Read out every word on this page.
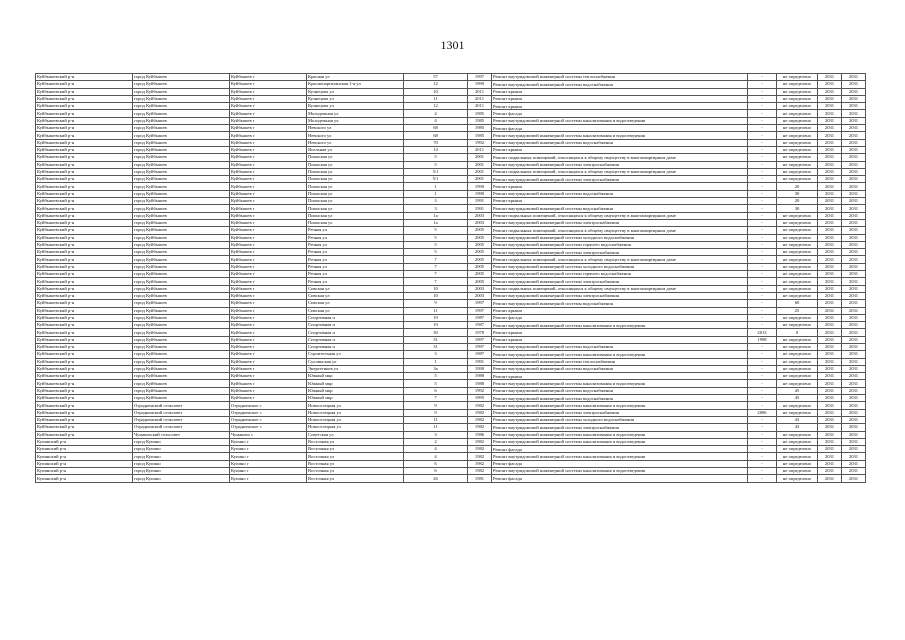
1301
Куйбышевский р-н	город Куйбышев	Куйбышев г	Красная ул	57	1997	Ремонт внутридомовой инженерной системы теплоснабжения	-	не определено	2031	2031
Куйбышевский р-н	город Куйбышев	Куйбышев г	Краснопартизанская 1-я ул	12	1990	Ремонт внутридомовой инженерной системы водоснабжения	-	не определено	2031	2031
Куйбышевский р-н	город Куйбышев	Куйбышев г	Кузнецова ул	10	2011	Ремонт крыши	-	не определено	2031	2031
Куйбышевский р-н	город Куйбышев	Куйбышев г	Кузнецова ул	11	2011	Ремонт крыши	-	не определено	2031	2031
Куйбышевский р-н	город Куйбышев	Куйбышев г	Кузнецова ул	12	2011	Ремонт крыши	-	не определено	2031	2031
Куйбышевский р-н	город Куйбышев	Куйбышев г	Молодежная ул	4	1985	Ремонт фасада	-	не определено	2031	2031
Куйбышевский р-н	город Куйбышев	Куйбышев г	Молодежная ул	4	1985	Ремонт внутридомовой инженерной системы канализования и водоотведения	-	не определено	2031	2031
Куйбышевский р-н	город Куйбышев	Куйбышев г	Невского ул	68	1985	Ремонт фасада	-	не определено	2031	2031
Куйбышевский р-н	город Куйбышев	Куйбышев г	Невского ул	68	1985	Ремонт внутридомовой инженерной системы канализования и водоотведения	-	не определено	2031	2031
Куйбышевский р-н	город Куйбышев	Куйбышев г	Невского ул	70	1992	Ремонт внутридомовой инженерной системы водоснабжения	-	не определено	2031	2031
Куйбышевский р-н	город Куйбышев	Куйбышев г	Ясельная ул	14	2011	Ремонт крыши	-	не определено	2031	2031
Куйбышевский р-н	город Куйбышев	Куйбышев г	Пионская ул	5	2001	Ремонт подвальных помещений, относящихся к общему имуществу в многоквартирном доме	-	не определено	2031	2031
Куйбышевский р-н	город Куйбышев	Куйбышев г	Пионская ул	5	2001	Ремонт внутридомовой инженерной системы электроснабжения	-	не определено	2031	2031
Куйбышевский р-н	город Куйбышев	Куйбышев г	Пионская ул	5/1	2001	Ремонт подвальных помещений, относящихся к общему имуществу в многоквартирном доме	-	не определено	2031	2031
Куйбышевский р-н	город Куйбышев	Куйбышев г	Пионская ул	5/1	2001	Ремонт внутридомовой инженерной системы электроснабжения	-	не определено	2031	2031
Куйбышевский р-н	город Куйбышев	Куйбышев г	Пионская ул	1	1990	Ремонт крыши	-	20	2031	2031
Куйбышевский р-н	город Куйбышев	Куйбышев г	Пионская ул	1	1990	Ремонт внутридомовой инженерной системы водоснабжения	-	30	2031	2031
Куйбышевский р-н	город Куйбышев	Куйбышев г	Пионская ул	3	1991	Ремонт крыши	-	20	2031	2031
Куйбышевский р-н	город Куйбышев	Куйбышев г	Пионская ул	3	1991	Ремонт внутридомовой инженерной системы водоснабжения	-	30	2031	2031
Куйбышевский р-н	город Куйбышев	Куйбышев г	Пионская ул	1а	2003	Ремонт подвальных помещений, относящихся к общему имуществу в многоквартирном доме	-	не определено	2031	2031
Куйбышевский р-н	город Куйбышев	Куйбышев г	Пионская ул	1а	2003	Ремонт внутридомовой инженерной системы электроснабжения	-	не определено	2031	2031
Куйбышевский р-н	город Куйбышев	Куйбышев г	Речная ул	5	2005	Ремонт подвальных помещений, относящихся к общему имуществу в многоквартирном доме	-	не определено	2031	2031
Куйбышевский р-н	город Куйбышев	Куйбышев г	Речная ул	5	2005	Ремонт внутридомовой инженерной системы холодного водоснабжения	-	не определено	2031	2031
Куйбышевский р-н	город Куйбышев	Куйбышев г	Речная ул	5	2005	Ремонт внутридомовой инженерной системы горячего водоснабжения	-	не определено	2031	2031
Куйбышевский р-н	город Куйбышев	Куйбышев г	Речная ул	5	2005	Ремонт внутридомовой инженерной системы электроснабжения	-	не определено	2031	2031
Куйбышевский р-н	город Куйбышев	Куйбышев г	Речная ул	7	2005	Ремонт подвальных помещений, относящихся к общему имуществу в многоквартирном доме	-	не определено	2031	2031
Куйбышевский р-н	город Куйбышев	Куйбышев г	Речная ул	7	2005	Ремонт внутридомовой инженерной системы холодного водоснабжения	-	не определено	2031	2031
Куйбышевский р-н	город Куйбышев	Куйбышев г	Речная ул	7	2005	Ремонт внутридомовой инженерной системы горячего водоснабжения	-	не определено	2031	2031
Куйбышевский р-н	город Куйбышев	Куйбышев г	Речная ул	7	2005	Ремонт внутридомовой инженерной системы электроснабжения	-	не определено	2031	2031
Куйбышевский р-н	город Куйбышев	Куйбышев г	Сивская ул	10	2003	Ремонт подвальных помещений, относящихся к общему имуществу в многоквартирном доме	-	не определено	2031	2031
Куйбышевский р-н	город Куйбышев	Куйбышев г	Сивская ул	10	2003	Ремонт внутридомовой инженерной системы электроснабжения	-	не определено	2031	2031
Куйбышевский р-н	город Куйбышев	Куйбышев г	Сивская ул	9	1997	Ремонт внутридомовой инженерной системы водоснабжения	-	60	2031	2031
Куйбышевский р-н	город Куйбышев	Куйбышев г	Сивская ул	11	1997	Ремонт крыши	-	25	2031	2031
Куйбышевский р-н	город Куйбышев	Куйбышев г	Спортивная п	19	1987	Ремонт фасада	-	не определено	2031	2031
Куйбышевский р-н	город Куйбышев	Куйбышев г	Спортивная п	19	1987	Ремонт внутридомовой инженерной системы канализования и водоотведения	-	не определено	2031	2031
Куйбышевский р-н	город Куйбышев	Куйбышев г	Спортивная п	30	1978	Ремонт крыши	2013	0	2031	2031
Куйбышевский р-н	город Куйбышев	Куйбышев г	Спортивная п	31	1997	Ремонт крыши	1998	не определено	2031	2031
Куйбышевский р-н	город Куйбышев	Куйбышев г	Спортивная п	31	1997	Ремонт внутридомовой инженерной системы водоснабжения	-	не определено	2031	2031
Куйбышевский р-н	город Куйбышев	Куйбышев г	Строительная ул	3	1987	Ремонт внутридомовой инженерной системы канализования и водоотведения	-	не определено	2031	2031
Куйбышевский р-н	город Куйбышев	Куйбышев г	Суллинская ул	1	1991	Ремонт внутридомовой инженерной системы теплоснабжения	-	не определено	2031	2031
Куйбышевский р-н	город Куйбышев	Куйбышев г	Энергетиков ул	3а	1990	Ремонт внутридомовой инженерной системы водоснабжения	-	не определено	2031	2031
Куйбышевский р-н	город Куйбышев	Куйбышев г	Южный мкр	5	1988	Ремонт крыши	-	не определено	2031	2031
Куйбышевский р-н	город Куйбышев	Куйбышев г	Южный мкр	5	1988	Ремонт внутридомовой инженерной системы канализования и водоотведения	-	не определено	2031	2031
Куйбышевский р-н	город Куйбышев	Куйбышев г	Южный мкр	6	1992	Ремонт внутридомовой инженерной системы водоснабжения	-	45	2031	2031
Куйбышевский р-н	город Куйбышев	Куйбышев г	Южный мкр	7	1995	Ремонт внутридомовой инженерной системы водоснабжения	-	45	2031	2031
Куйбышевский р-н	Отрадненский сельсовет	Отрадненское с	Новоселецкая ул	9	1982	Ремонт внутридомовой инженерной системы канализования и водоотведения	-	не определено	2031	2031
Куйбышевский р-н	Отрадненский сельсовет	Отрадненское с	Новоселецкая ул	9	1982	Ремонт внутридомовой инженерной системы электроснабжения	2006	не определено	2031	2031
Куйбышевский р-н	Отрадненский сельсовет	Отрадненское с	Новоселецкая ул	11	1982	Ремонт внутридомовой инженерной системы холодного водоснабжения	-	43	2031	2031
Куйбышевский р-н	Отрадненский сельсовет	Отрадненское с	Новоселецкая ул	11	1982	Ремонт внутридомовой инженерной системы электроснабжения	-	43	2031	2031
Куйбышевский р-н	Чумаковский сельсовет	Чумаково с	Советская ул	3	1986	Ремонт внутридомовой инженерной системы канализования и водоотведения	-	не определено	2031	2031
Купинский р-н	город Купино	Купино г	Восточная ул	2	1982	Ремонт внутридомовой инженерной системы канализования и водоотведения	-	не определено	2031	2031
Купинский р-н	город Купино	Купино г	Восточная ул	4	1982	Ремонт фасада	-	не определено	2031	2031
Купинский р-н	город Купино	Купино г	Восточная ул	4	1982	Ремонт внутридомовой инженерной системы канализования и водоотведения	-	не определено	2031	2031
Купинский р-н	город Купино	Купино г	Восточная ул	6	1982	Ремонт фасада	-	не определено	2031	2031
Купинский р-н	город Купино	Купино г	Восточная ул	6	1982	Ремонт внутридомовой инженерной системы канализования и водоотведения	-	не определено	2031	2031
Купинский р-н	город Купино	Купино г	Восточная ул	26	1981	Ремонт фасада	-	не определено	2031	2031
